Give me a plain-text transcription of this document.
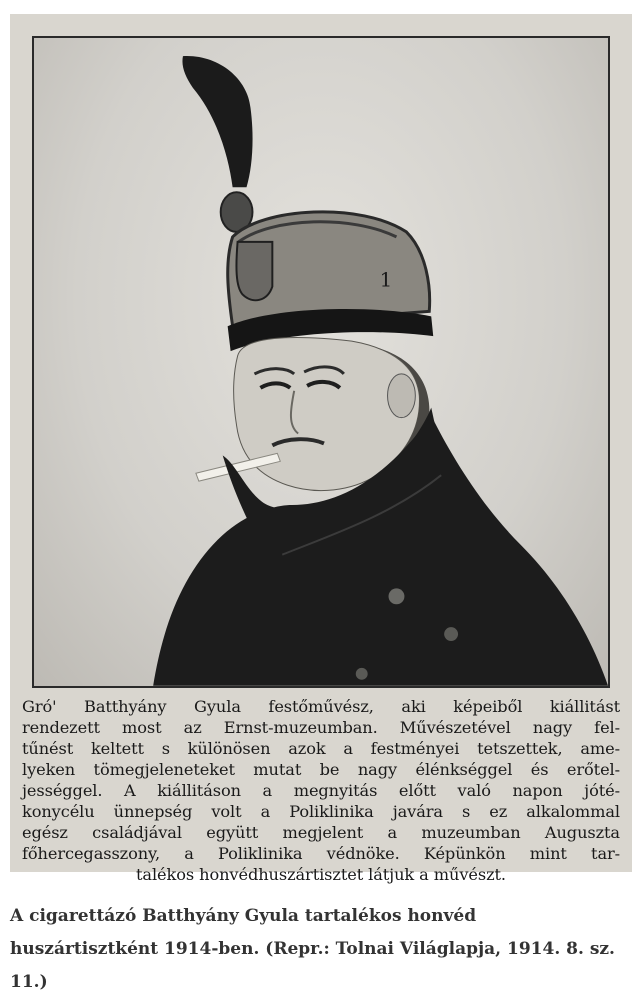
1

Gró' Batthyány Gyula festőművész, aki képeiből kiállitást
rendezett most az Ernst-muzeumban. Művészetével nagy fel-
tűnést keltett s különösen azok a festményei tetszettek, ame-
lyeken tömegjeleneteket mutat be nagy élénkséggel és erőtel-
jességgel. A kiállitáson a megnyitás előtt való napon jóté-
konycélu ünnepség volt a Poliklinika javára s ez alkalommal
egész családjával együtt megjelent a muzeumban Auguszta
főhercegasszony, a Poliklinika védnöke. Képünkön mint tar-
talékos honvédhuszártisztet látjuk a művészt.

A cigarettázó Batthyány Gyula tartalékos honvéd huszártisztként 1914-ben. (Repr.: Tolnai Világlapja, 1914. 8. sz. 11.)
